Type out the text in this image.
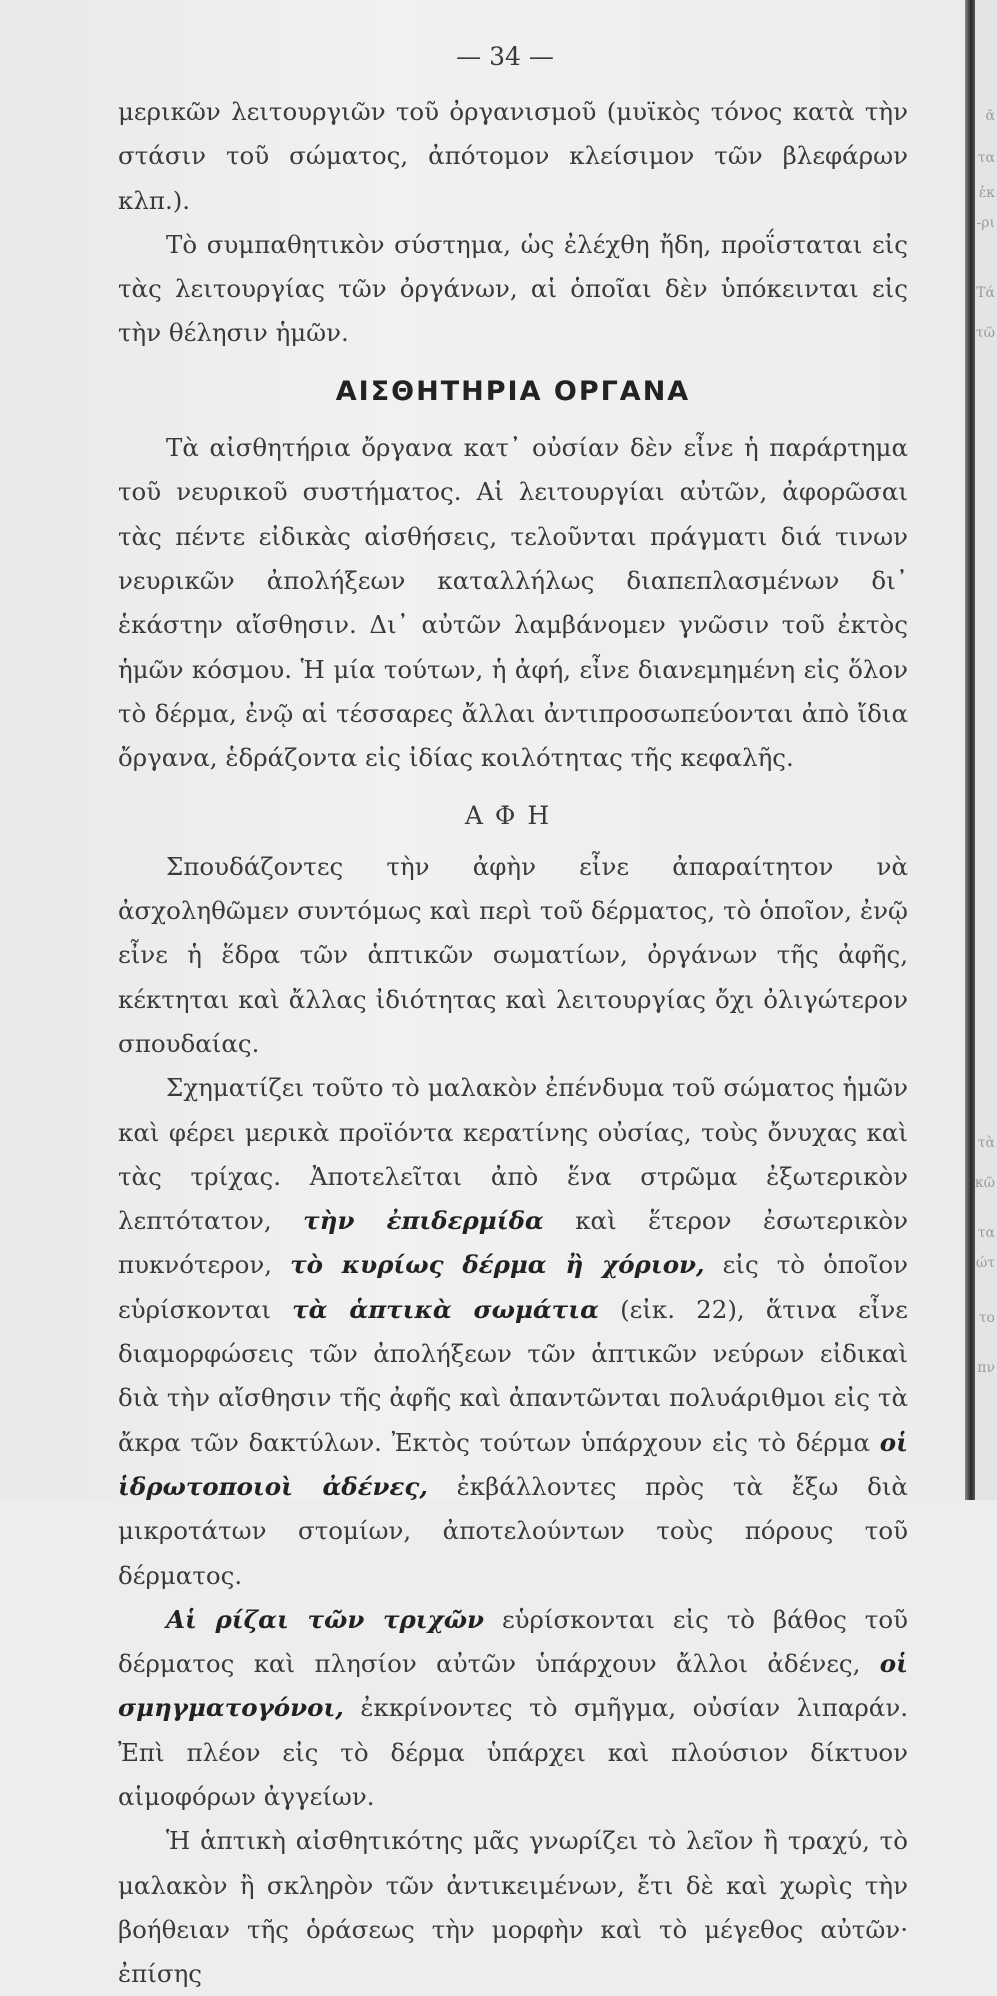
ᾶ
τα
ἑκ
-ρι
Τά
τῶ
τὰ
κῶ
τα
ώτ
το
πν
— 34 —

μερικῶν λειτουργιῶν τοῦ ὀργανισμοῦ (μυϊκὸς τόνος κατὰ τὴν στάσιν τοῦ σώματος, ἀπότομον κλείσιμον τῶν βλεφάρων κλπ.).

Τὸ συμπαθητικὸν σύστημα, ὡς ἐλέχθη ἤδη, προΐσταται εἰς τὰς λειτουργίας τῶν ὀργάνων, αἱ ὁποῖαι δὲν ὑπόκεινται εἰς τὴν θέλησιν ἡμῶν.

ΑΙΣΘΗΤΗΡΙΑ ΟΡΓΑΝΑ

Τὰ αἰσθητήρια ὄργανα κατ᾽ οὐσίαν δὲν εἶνε ἡ παράρτημα τοῦ νευρικοῦ συστήματος. Αἱ λειτουργίαι αὐτῶν, ἀφορῶσαι τὰς πέντε εἰδικὰς αἰσθήσεις, τελοῦνται πράγματι διά τινων νευρικῶν ἀπολήξεων καταλλήλως διαπεπλασμένων δι᾽ ἑκάστην αἴσθησιν. Δι᾽ αὐτῶν λαμβάνομεν γνῶσιν τοῦ ἐκτὸς ἡμῶν κόσμου. Ἡ μία τούτων, ἡ ἀφή, εἶνε διανεμημένη εἰς ὅλον τὸ δέρμα, ἐνῷ αἱ τέσσαρες ἄλλαι ἀντιπροσωπεύονται ἀπὸ ἴδια ὄργανα, ἑδράζοντα εἰς ἰδίας κοιλότητας τῆς κεφαλῆς.

ΑΦΗ

Σπουδάζοντες τὴν ἀφὴν εἶνε ἀπαραίτητον νὰ ἀσχοληθῶμεν συντόμως καὶ περὶ τοῦ δέρματος, τὸ ὁποῖον, ἐνῷ εἶνε ἡ ἕδρα τῶν ἁπτικῶν σωματίων, ὀργάνων τῆς ἀφῆς, κέκτηται καὶ ἄλλας ἰδιότητας καὶ λειτουργίας ὄχι ὀλιγώτερον σπουδαίας.

Σχηματίζει τοῦτο τὸ μαλακὸν ἐπένδυμα τοῦ σώματος ἡμῶν καὶ φέρει μερικὰ προϊόντα κερατίνης οὐσίας, τοὺς ὄνυχας καὶ τὰς τρίχας. Ἀποτελεῖται ἀπὸ ἕνα στρῶμα ἐξωτερικὸν λεπτότατον, τὴν ἐπιδερμίδα καὶ ἕτερον ἐσωτερικὸν πυκνότερον, τὸ κυρίως δέρμα ἢ χόριον, εἰς τὸ ὁποῖον εὑρίσκονται τὰ ἁπτικὰ σωμάτια (εἰκ. 22), ἅτινα εἶνε διαμορφώσεις τῶν ἀπολήξεων τῶν ἁπτικῶν νεύρων εἰδικαὶ διὰ τὴν αἴσθησιν τῆς ἀφῆς καὶ ἀπαντῶνται πολυάριθμοι εἰς τὰ ἄκρα τῶν δακτύλων. Ἐκτὸς τούτων ὑπάρχουν εἰς τὸ δέρμα οἱ ἱδρωτοποιοὶ ἀδένες, ἐκβάλλοντες πρὸς τὰ ἔξω διὰ μικροτάτων στομίων, ἀποτελούντων τοὺς πόρους τοῦ δέρματος.

Αἱ ρίζαι τῶν τριχῶν εὑρίσκονται εἰς τὸ βάθος τοῦ δέρματος καὶ πλησίον αὐτῶν ὑπάρχουν ἄλλοι ἀδένες, οἱ σμηγματογόνοι, ἐκκρίνοντες τὸ σμῆγμα, οὐσίαν λιπαράν. Ἐπὶ πλέον εἰς τὸ δέρμα ὑπάρχει καὶ πλούσιον δίκτυον αἱμοφόρων ἀγγείων.

Ἡ ἁπτικὴ αἰσθητικότης μᾶς γνωρίζει τὸ λεῖον ἢ τραχύ, τὸ μαλακὸν ἢ σκληρὸν τῶν ἀντικειμένων, ἔτι δὲ καὶ χωρὶς τὴν βοήθειαν τῆς ὁράσεως τὴν μορφὴν καὶ τὸ μέγεθος αὐτῶν· ἐπίσης
